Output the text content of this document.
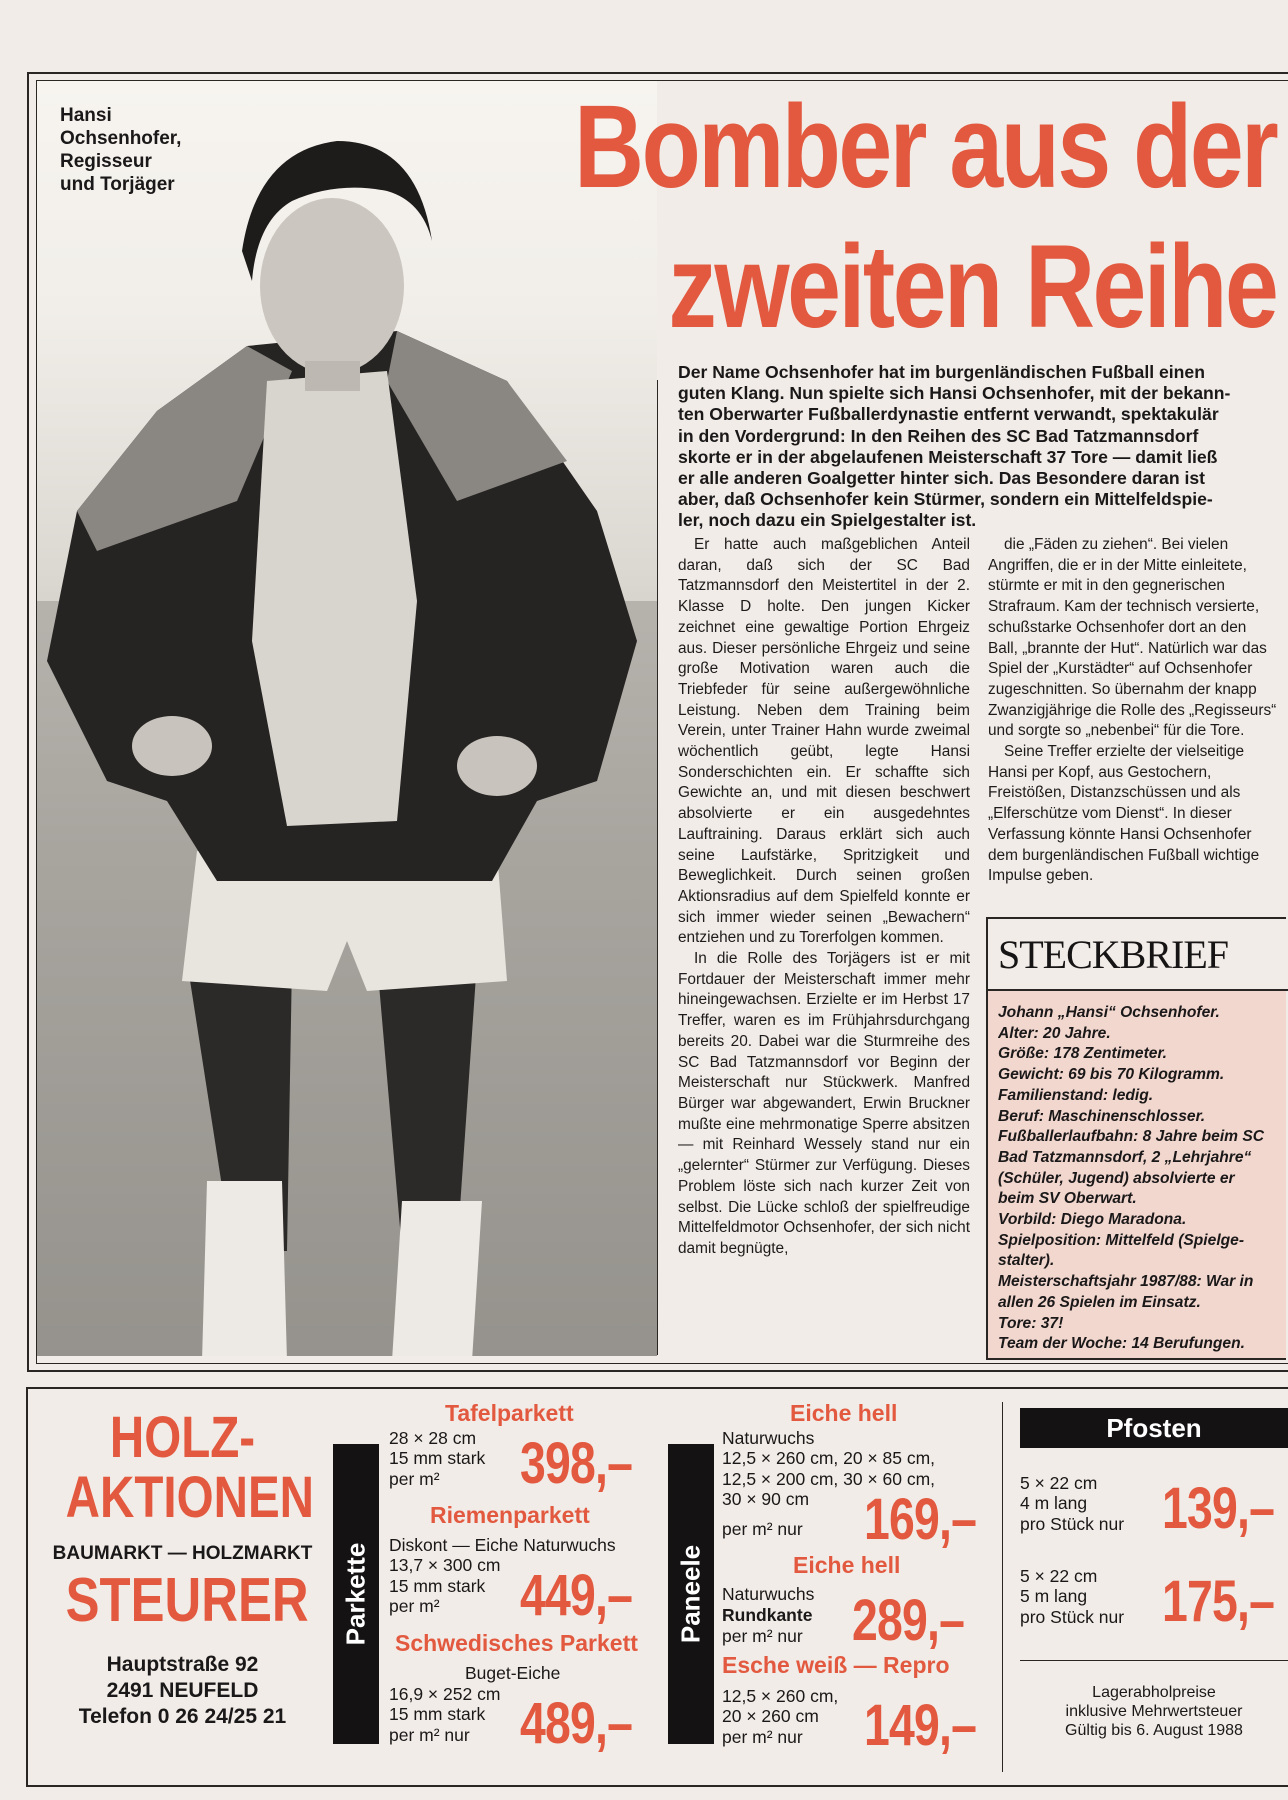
Hansi
Ochsenhofer,
Regisseur
und Torjäger	Bomber aus der
zweiten Reihe
Der Name Ochsenhofer hat im burgenländischen Fußball einen
guten Klang. Nun spielte sich Hansi Ochsenhofer, mit der bekann-
ten Oberwarter Fußballerdynastie entfernt verwandt, spektakulär
in den Vordergrund: In den Reihen des SC Bad Tatzmannsdorf
skorte er in der abgelaufenen Meisterschaft 37 Tore — damit ließ
er alle anderen Goalgetter hinter sich. Das Besondere daran ist
aber, daß Ochsenhofer kein Stürmer, sondern ein Mittelfeldspie-
ler, noch dazu ein Spielgestalter ist.

Er hatte auch maßgeblichen Anteil daran, daß sich der SC Bad Tatzmannsdorf den Meistertitel in der 2. Klasse D holte. Den jungen Kicker zeichnet eine gewaltige Portion Ehrgeiz aus. Dieser persönliche Ehrgeiz und seine große Motivation waren auch die Triebfeder für seine außergewöhnliche Leistung. Neben dem Training beim Verein, unter Trainer Hahn wurde zweimal wöchentlich geübt, legte Hansi Sonderschichten ein. Er schaffte sich Gewichte an, und mit diesen beschwert absolvierte er ein ausgedehntes Lauftraining. Daraus erklärt sich auch seine Laufstärke, Spritzigkeit und Beweglichkeit. Durch seinen großen Aktionsradius auf dem Spielfeld konnte er sich immer wieder seinen „Bewachern“ entziehen und zu Torerfolgen kommen.

In die Rolle des Torjägers ist er mit Fortdauer der Meisterschaft immer mehr hineingewachsen. Erzielte er im Herbst 17 Treffer, waren es im Frühjahrsdurchgang bereits 20. Dabei war die Sturmreihe des SC Bad Tatzmannsdorf vor Beginn der Meisterschaft nur Stückwerk. Manfred Bürger war abgewandert, Erwin Bruckner mußte eine mehrmonatige Sperre absitzen — mit Reinhard Wessely stand nur ein „gelernter“ Stürmer zur Verfügung. Dieses Problem löste sich nach kurzer Zeit von selbst. Die Lücke schloß der spielfreudige Mittelfeldmotor Ochsenhofer, der sich nicht damit begnügte,

die „Fäden zu ziehen“. Bei vielen Angriffen, die er in der Mitte einleitete, stürmte er mit in den gegnerischen Strafraum. Kam der technisch versierte, schußstarke Ochsenhofer dort an den Ball, „brannte der Hut“. Natürlich war das Spiel der „Kurstädter“ auf Ochsenhofer zugeschnitten. So übernahm der knapp Zwanzigjährige die Rolle des „Regisseurs“ und sorgte so „nebenbei“ für die Tore.

Seine Treffer erzielte der vielseitige Hansi per Kopf, aus Gestochern, Freistößen, Distanzschüssen und als „Elferschütze vom Dienst“. In dieser Verfassung könnte Hansi Ochsenhofer dem burgenländischen Fußball wichtige Impulse geben.

STECKBRIEF
Johann „Hansi“ Ochsenhofer.
Alter: 20 Jahre.
Größe: 178 Zentimeter.
Gewicht: 69 bis 70 Kilogramm.
Familienstand: ledig.
Beruf: Maschinenschlosser.
Fußballerlaufbahn: 8 Jahre beim SC
Bad Tatzmannsdorf, 2 „Lehrjahre“
(Schüler, Jugend) absolvierte er
beim SV Oberwart.
Vorbild: Diego Maradona.
Spielposition: Mittelfeld (Spielge-
stalter).
Meisterschaftsjahr 1987/88: War in
allen 26 Spielen im Einsatz.
Tore: 37!
Team der Woche: 14 Berufungen.
HOLZ-
AKTIONEN
BAUMARKT — HOLZMARKT
STEURER
Hauptstraße 92
2491 NEUFELD
Telefon 0 26 24/25 21
Parkette	Paneele
Tafelparkett
28 × 28 cm
15 mm stark
per m²	398,–
Riemenparkett
Diskont — Eiche Naturwuchs
13,7 × 300 cm
15 mm stark
per m²	449,–
Schwedisches Parkett
Buget-Eiche
16,9 × 252 cm
15 mm stark
per m² nur 489,–
Eiche hell
Naturwuchs
12,5 × 260 cm, 20 × 85 cm,
12,5 × 200 cm, 30 × 60 cm,
30 × 90 cm
per m² nur 169,–
Eiche hell
Naturwuchs
Rundkante
per m² nur 289,–
Esche weiß — Repro
12,5 × 260 cm,
20 × 260 cm
per m² nur	149,–
Pfosten
5 × 22 cm
4 m lang
pro Stück nur 139,–
5 × 22 cm
5 m lang
pro Stück nur 175,–
Lagerabholpreise
inklusive Mehrwertsteuer
Gültig bis 6. August 1988
